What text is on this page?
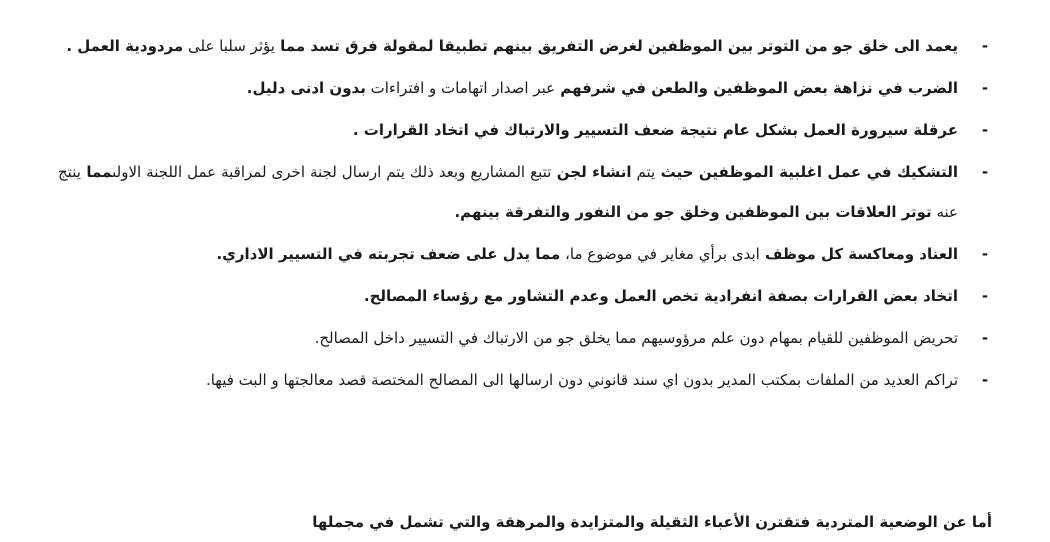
-
يعمد الى خلق جو من التوتر بين الموظفين لغرض التفريق بينهم تطبيقا لمقولة فرق تسد مما يؤثر سلبا على مردودية العمل .
-
الضرب في نزاهة بعض الموظفين والطعن في شرفهم عبر اصدار اتهامات و افتراءات بدون ادنى دليل.
-
عرقلة سيرورة العمل بشكل عام نتيجة ضعف التسيير والارتباك في اتخاد القرارات .
-
التشكيك في عمل اغلبية الموظفين حيث يتم انشاء لجن تتبع المشاريع وبعد ذلك يتم ارسال لجنة اخرى لمراقبة عمل اللجنة الاولىمما ينتج عنه توتر العلاقات بين الموظفين وخلق جو من النفور والتفرقة بينهم.
-
العناد ومعاكسة كل موظف ابدى برأي مغاير في موضوع ما، مما يدل على ضعف تجربته في التسيير الاداري.
-
اتخاد بعض القرارات بصفة انفرادية تخص العمل وعدم التشاور مع رؤساء المصالح.
-
تحريض الموظفين للقيام بمهام دون علم مرؤوسيهم مما يخلق جو من الارتباك في التسيير داخل المصالح.
-
تراكم العديد من الملفات بمكتب المدير بدون اي سند قانوني دون ارسالها الى المصالح المختصة قصد معالجتها و البت فيها.
أما عن الوضعية المتردية فتقترن الأعباء الثقيلة والمتزايدة والمرهقة والتي تشمل في مجملها
